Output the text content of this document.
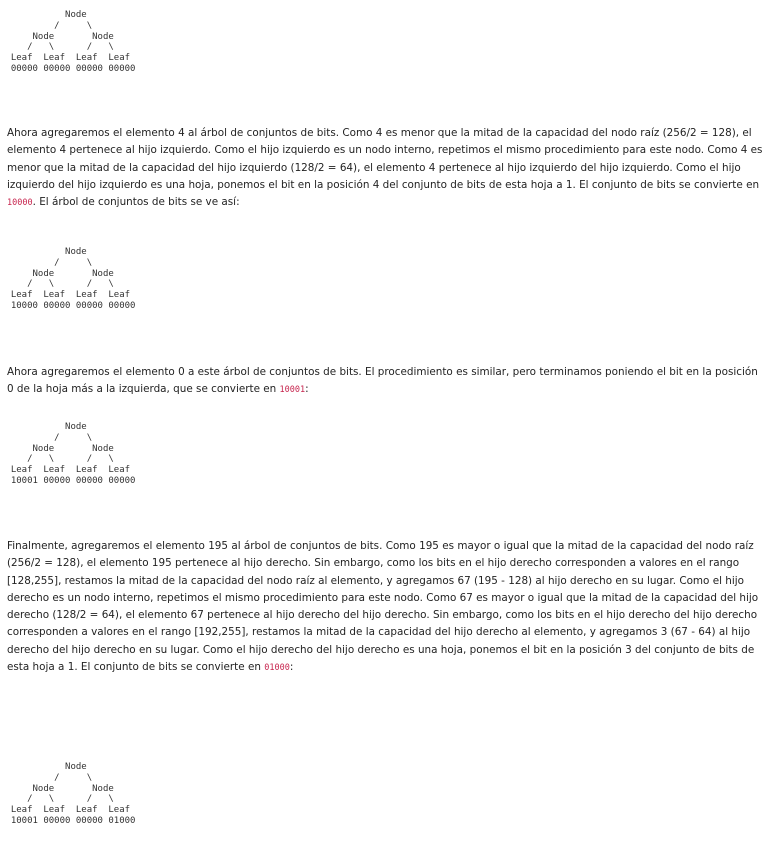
Node
/     \
Node       Node
/   \      /   \
Leaf  Leaf  Leaf  Leaf
00000 00000 00000 00000

Ahora agregaremos el elemento 4 al árbol de conjuntos de bits. Como 4 es menor que la mitad de la capacidad del nodo raíz (256/2 = 128), el elemento 4 pertenece al hijo izquierdo. Como el hijo izquierdo es un nodo interno, repetimos el mismo procedimiento para este nodo. Como 4 es menor que la mitad de la capacidad del hijo izquierdo (128/2 = 64), el elemento 4 pertenece al hijo izquierdo del hijo izquierdo. Como el hijo izquierdo del hijo izquierdo es una hoja, ponemos el bit en la posición 4 del conjunto de bits de esta hoja a 1. El conjunto de bits se convierte en 10000. El árbol de conjuntos de bits se ve así:

Node
/     \
Node       Node
/   \      /   \
Leaf  Leaf  Leaf  Leaf
10000 00000 00000 00000

Ahora agregaremos el elemento 0 a este árbol de conjuntos de bits. El procedimiento es similar, pero terminamos poniendo el bit en la posición 0 de la hoja más a la izquierda, que se convierte en 10001:

Node
/     \
Node       Node
/   \      /   \
Leaf  Leaf  Leaf  Leaf
10001 00000 00000 00000

Finalmente, agregaremos el elemento 195 al árbol de conjuntos de bits. Como 195 es mayor o igual que la mitad de la capacidad del nodo raíz (256/2 = 128), el elemento 195 pertenece al hijo derecho. Sin embargo, como los bits en el hijo derecho corresponden a valores en el rango [128,255], restamos la mitad de la capacidad del nodo raíz al elemento, y agregamos 67 (195 - 128) al hijo derecho en su lugar. Como el hijo derecho es un nodo interno, repetimos el mismo procedimiento para este nodo. Como 67 es mayor o igual que la mitad de la capacidad del hijo derecho (128/2 = 64), el elemento 67 pertenece al hijo derecho del hijo derecho. Sin embargo, como los bits en el hijo derecho del hijo derecho corresponden a valores en el rango [192,255], restamos la mitad de la capacidad del hijo derecho al elemento, y agregamos 3 (67 - 64) al hijo derecho del hijo derecho en su lugar. Como el hijo derecho del hijo derecho es una hoja, ponemos el bit en la posición 3 del conjunto de bits de esta hoja a 1. El conjunto de bits se convierte en 01000:

Node
/     \
Node       Node
/   \      /   \
Leaf  Leaf  Leaf  Leaf
10001 00000 00000 01000
